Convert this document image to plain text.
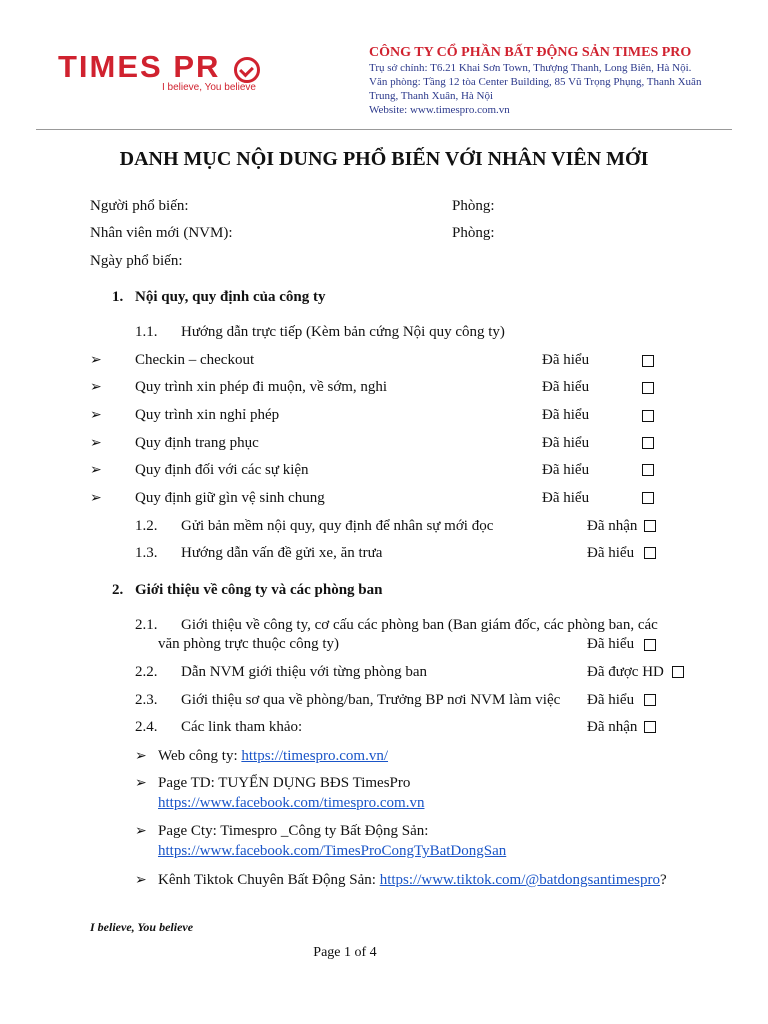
TIMES PR
I believe, You believe
CÔNG TY CỔ PHẦN BẤT ĐỘNG SẢN TIMES PRO
Trụ sở chính: T6.21 Khai Sơn Town, Thượng Thanh, Long Biên, Hà Nội.
Văn phòng: Tầng 12 tòa Center Building, 85 Vũ Trọng Phụng, Thanh Xuân
Trung, Thanh Xuân, Hà Nội
Website: www.timespro.com.vn
DANH MỤC NỘI DUNG PHỔ BIẾN VỚI NHÂN VIÊN MỚI
Người phổ biến:	Phòng:
Nhân viên mới (NVM):	Phòng:
Ngày phổ biến:
1. Nội quy, quy định của công ty
1.1. Hướng dẫn trực tiếp (Kèm bản cứng Nội quy công ty)
➢ Checkin – checkout	Đã hiểu
➢ Quy trình xin phép đi muộn, về sớm, nghi	Đã hiểu
➢ Quy trình xin nghỉ phép	Đã hiểu
➢ Quy định trang phục	Đã hiểu
➢ Quy định đối với các sự kiện	Đã hiểu
➢ Quy định giữ gìn vệ sinh chung	Đã hiểu
1.2. Gửi bản mềm nội quy, quy định để nhân sự mới đọc	Đã nhận
1.3. Hướng dẫn vấn đề gửi xe, ăn trưa	Đã hiểu
2. Giới thiệu về công ty và các phòng ban
2.1. Giới thiệu về công ty, cơ cấu các phòng ban (Ban giám đốc, các phòng ban, các
văn phòng trực thuộc công ty)	Đã hiểu
2.2. Dẫn NVM giới thiệu với từng phòng ban	Đã được HD
2.3. Giới thiệu sơ qua về phòng/ban, Trưởng BP nơi NVM làm việc Đã hiểu
2.4. Các link tham khảo:	Đã nhận
➢ Web công ty: https://timespro.com.vn/
➢ Page TD: TUYỂN DỤNG BĐS TimesPro
https://www.facebook.com/timespro.com.vn
➢ Page Cty: Timespro _Công ty Bất Động Sản:
https://www.facebook.com/TimesProCongTyBatDongSan
➢ Kênh Tiktok Chuyên Bất Động Sản: https://www.tiktok.com/@batdongsantimespro?
I believe, You believe
Page 1 of 4
